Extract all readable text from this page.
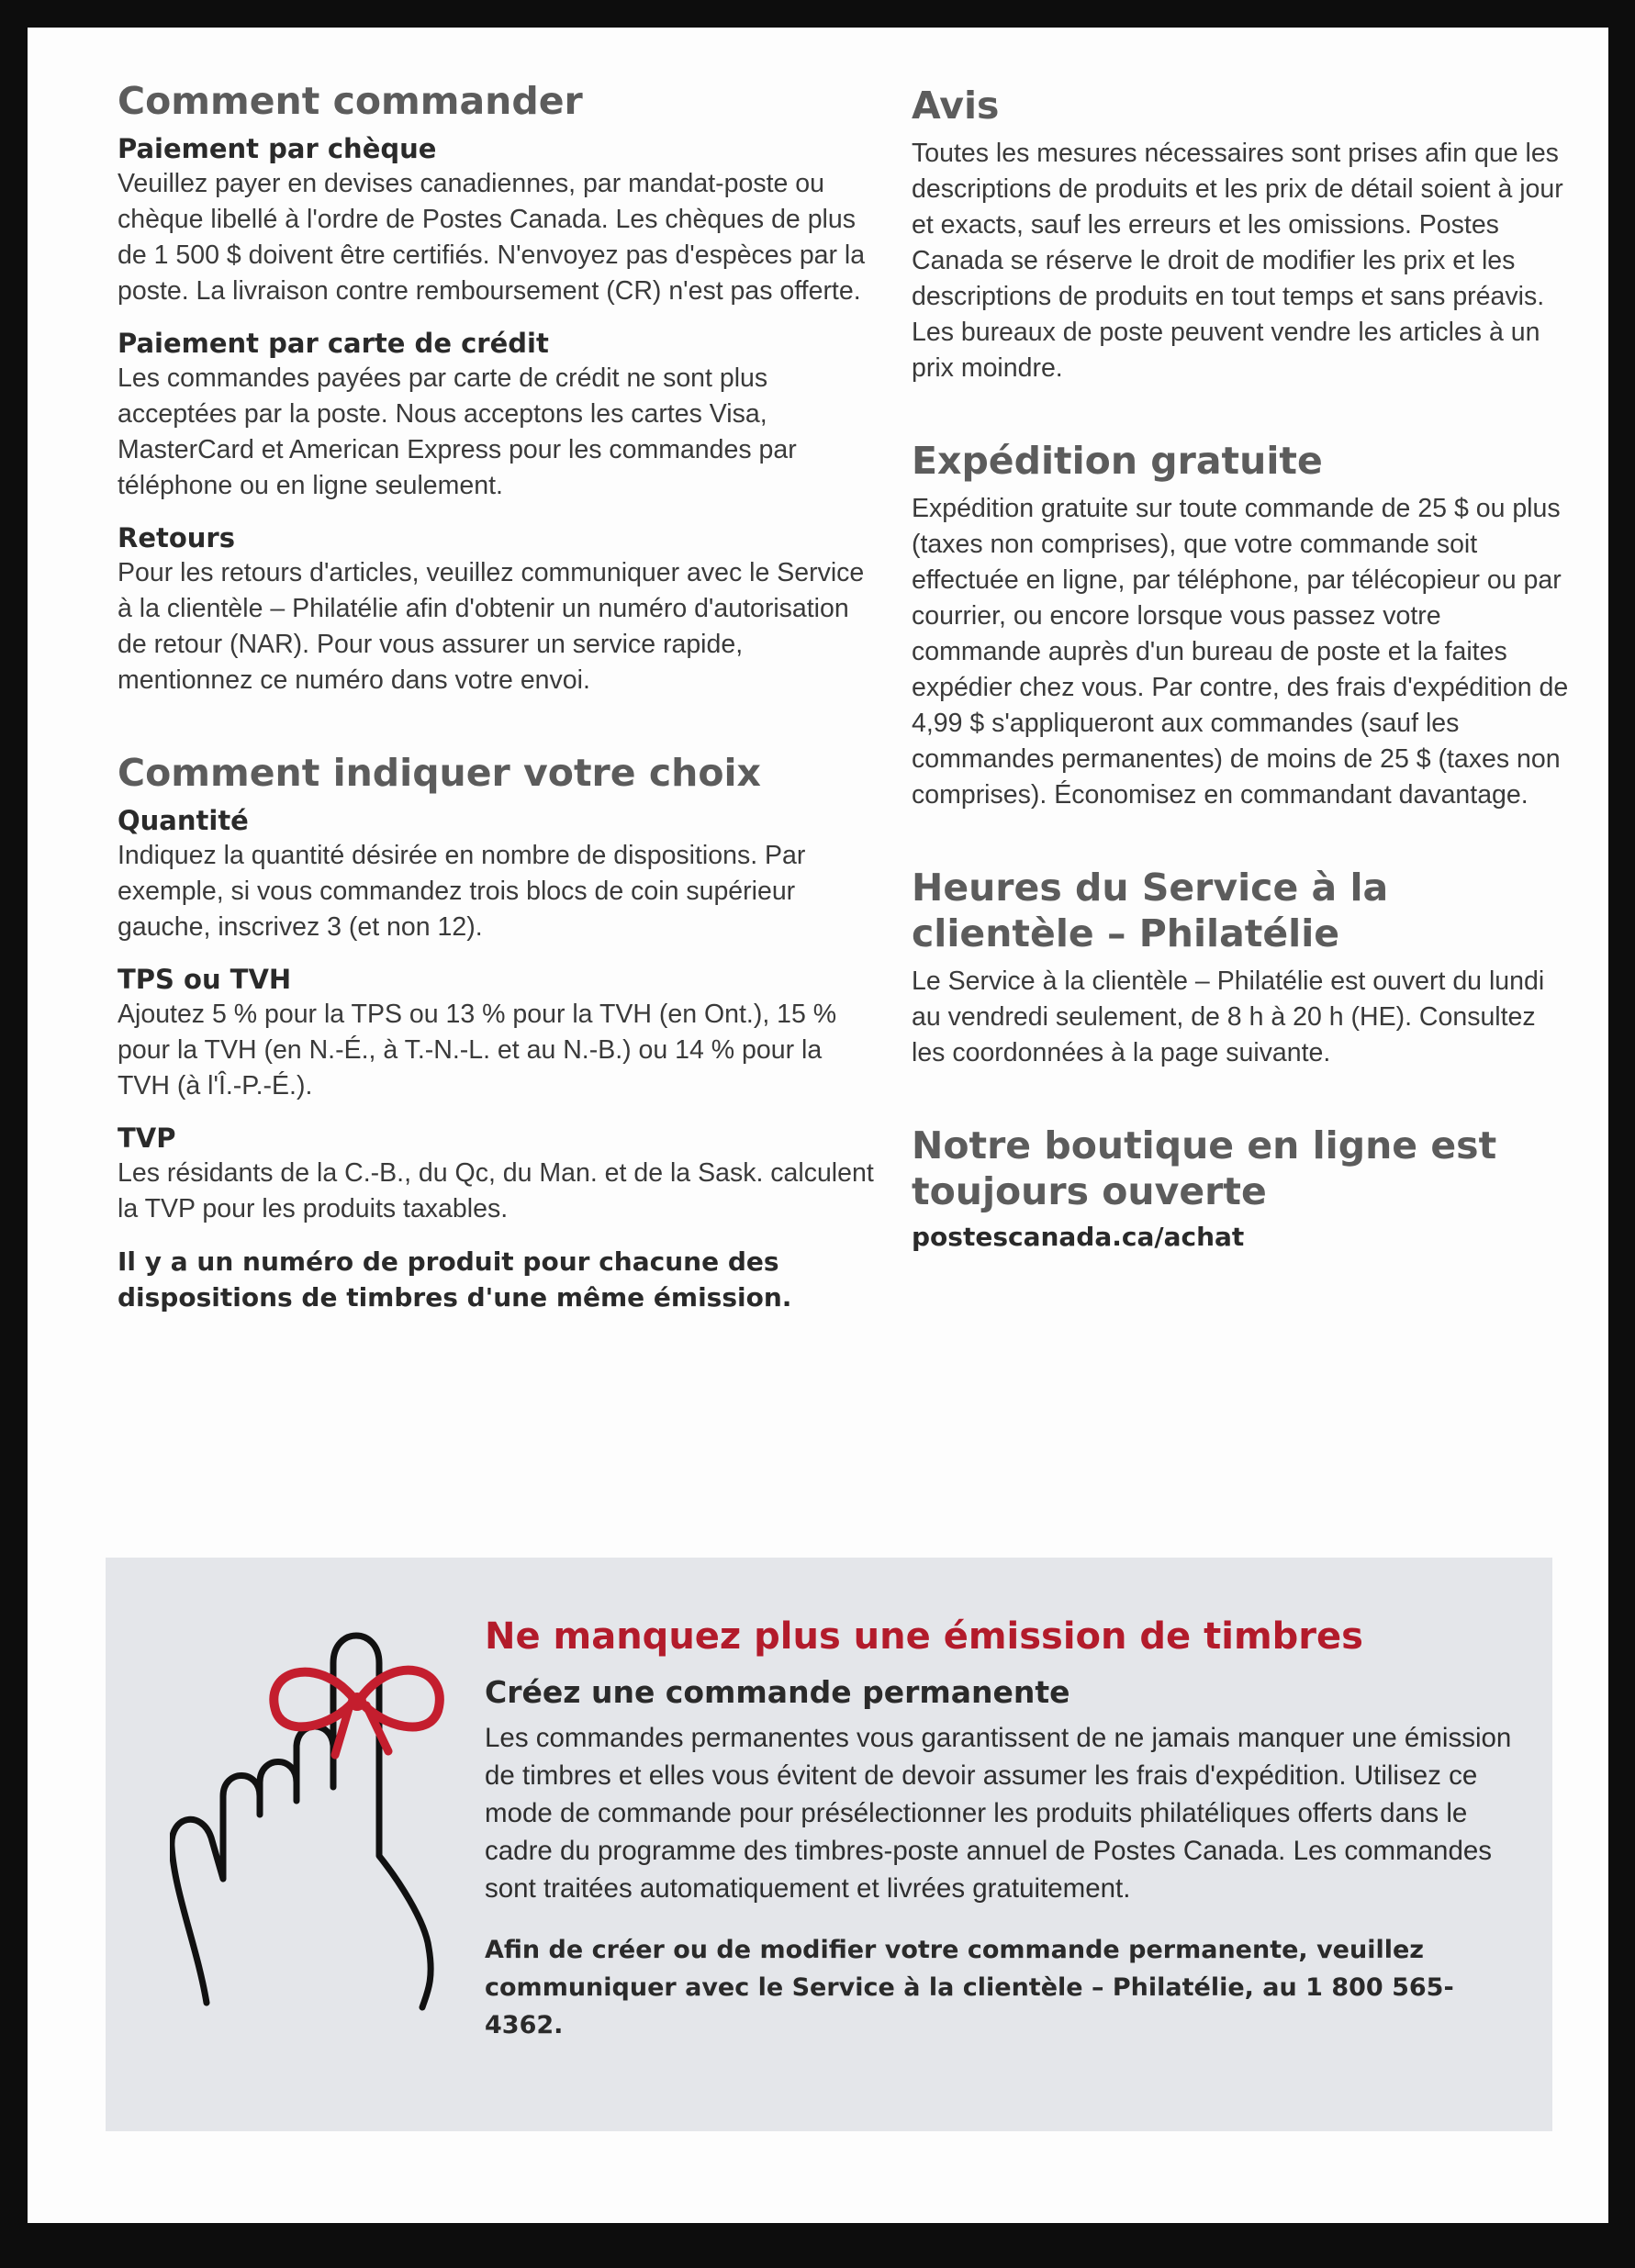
Comment commander
Paiement par chèque

Veuillez payer en devises canadiennes, par mandat-poste ou chèque libellé à l'ordre de Postes Canada. Les chèques de plus de 1 500 $ doivent être certifiés. N'envoyez pas d'espèces par la poste. La livraison contre remboursement (CR) n'est pas offerte.

Paiement par carte de crédit

Les commandes payées par carte de crédit ne sont plus acceptées par la poste. Nous acceptons les cartes Visa, MasterCard et American Express pour les commandes par téléphone ou en ligne seulement.

Retours

Pour les retours d'articles, veuillez communiquer avec le Service à la clientèle – Philatélie afin d'obtenir un numéro d'autorisation de retour (NAR). Pour vous assurer un service rapide, mentionnez ce numéro dans votre envoi.

Comment indiquer votre choix
Quantité

Indiquez la quantité désirée en nombre de dispositions. Par exemple, si vous commandez trois blocs de coin supérieur gauche, inscrivez 3 (et non 12).

TPS ou TVH

Ajoutez 5 % pour la TPS ou 13 % pour la TVH (en Ont.), 15 % pour la TVH (en N.-É., à T.-N.-L. et au N.-B.) ou 14 % pour la TVH (à l'Î.-P.-É.).

TVP

Les résidants de la C.-B., du Qc, du Man. et de la Sask. calculent la TVP pour les produits taxables.

Il y a un numéro de produit pour chacune des dispositions de timbres d'une même émission.

Avis

Toutes les mesures nécessaires sont prises afin que les descriptions de produits et les prix de détail soient à jour et exacts, sauf les erreurs et les omissions. Postes Canada se réserve le droit de modifier les prix et les descriptions de produits en tout temps et sans préavis. Les bureaux de poste peuvent vendre les articles à un prix moindre.

Expédition gratuite

Expédition gratuite sur toute commande de 25 $ ou plus (taxes non comprises), que votre commande soit effectuée en ligne, par téléphone, par télécopieur ou par courrier, ou encore lorsque vous passez votre commande auprès d'un bureau de poste et la faites expédier chez vous. Par contre, des frais d'expédition de 4,99 $ s'appliqueront aux commandes (sauf les commandes permanentes) de moins de 25 $ (taxes non comprises). Économisez en commandant davantage.

Heures du Service à la clientèle – Philatélie

Le Service à la clientèle – Philatélie est ouvert du lundi au vendredi seulement, de 8 h à 20 h (HE). Consultez les coordonnées à la page suivante.

Notre boutique en ligne est toujours ouverte

postescanada.ca/achat

Ne manquez plus une émission de timbres
Créez une commande permanente

Les commandes permanentes vous garantissent de ne jamais manquer une émission de timbres et elles vous évitent de devoir assumer les frais d'expédition. Utilisez ce mode de commande pour présélectionner les produits philatéliques offerts dans le cadre du programme des timbres-poste annuel de Postes Canada. Les commandes sont traitées automatiquement et livrées gratuitement.

Afin de créer ou de modifier votre commande permanente, veuillez communiquer avec le Service à la clientèle – Philatélie, au 1 800 565-4362.
